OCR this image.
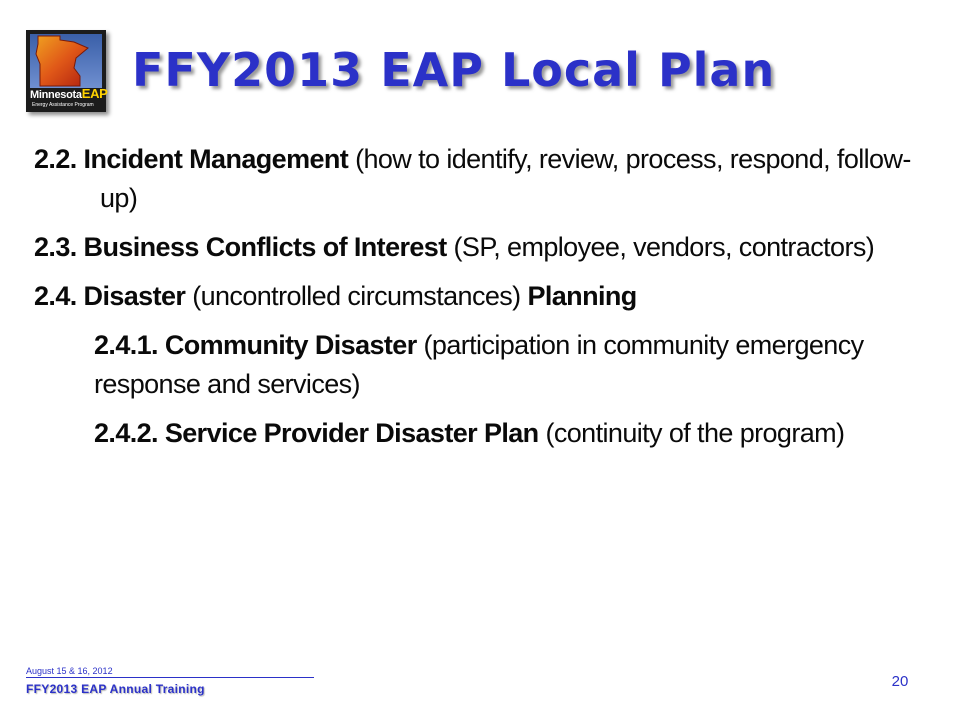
MinnesotaEAP
Energy Assistance Program
FFY2013 EAP Local Plan
2.2. Incident Management (how to identify, review, process, respond, follow-up)
2.3. Business Conflicts of Interest (SP, employee, vendors, contractors)
2.4. Disaster (uncontrolled circumstances) Planning
2.4.1. Community Disaster (participation in community emergency response and services)
2.4.2. Service Provider Disaster Plan (continuity of the program)
August 15 & 16, 2012
FFY2013 EAP Annual Training	20
